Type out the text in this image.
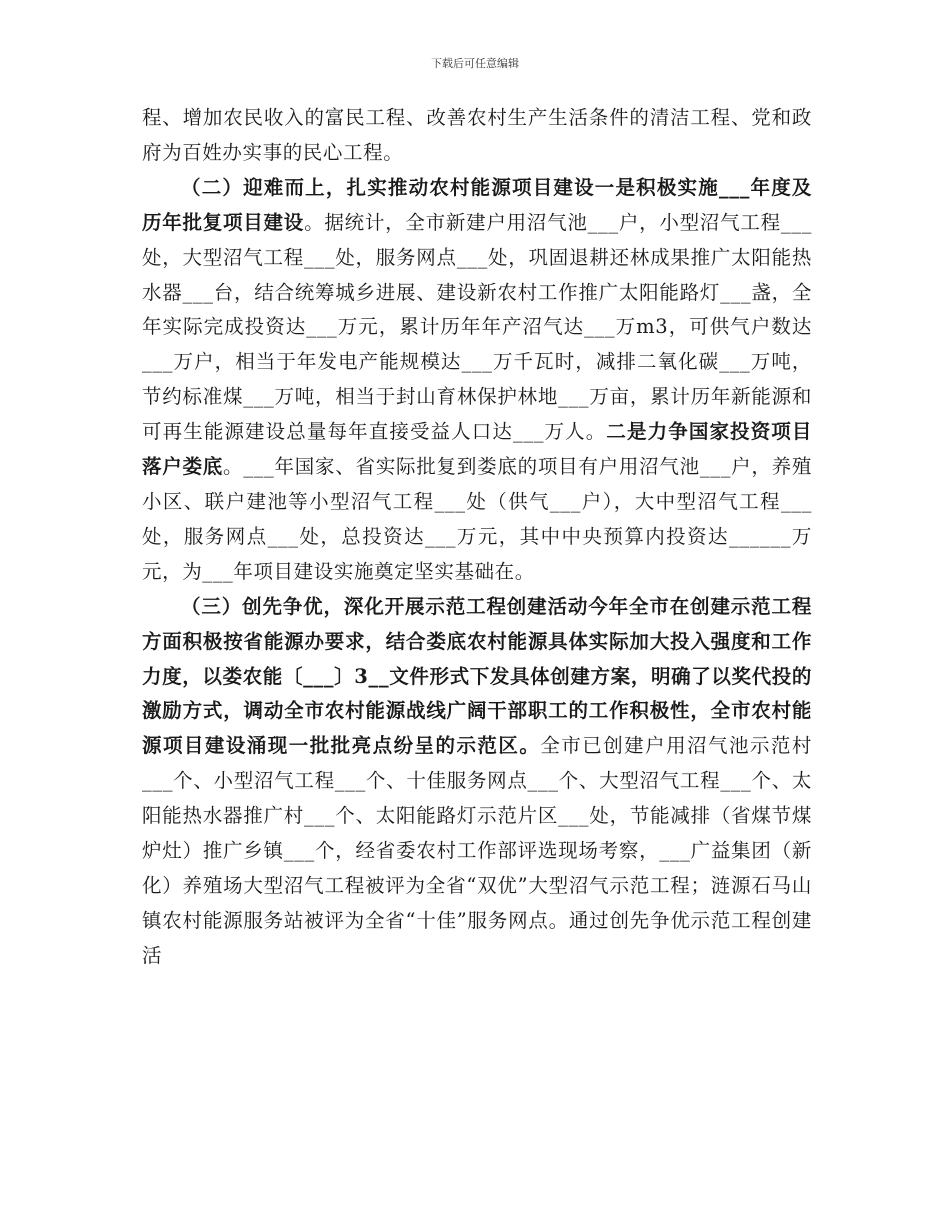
下载后可任意编辑

程、增加农民收入的富民工程、改善农村生产生活条件的清洁工程、党和政府为百姓办实事的民心工程。

（二）迎难而上，扎实推动农村能源项目建设一是积极实施___年度及历年批复项目建设。据统计，全市新建户用沼气池___户，小型沼气工程___处，大型沼气工程___处，服务网点___处，巩固退耕还林成果推广太阳能热水器___台，结合统筹城乡进展、建设新农村工作推广太阳能路灯___盏，全年实际完成投资达___万元，累计历年年产沼气达___万m3，可供气户数达___万户，相当于年发电产能规模达___万千瓦时，减排二氧化碳___万吨，节约标准煤___万吨，相当于封山育林保护林地___万亩，累计历年新能源和可再生能源建设总量每年直接受益人口达___万人。二是力争国家投资项目落户娄底。___年国家、省实际批复到娄底的项目有户用沼气池___户，养殖小区、联户建池等小型沼气工程___处（供气___户），大中型沼气工程___处，服务网点___处，总投资达___万元，其中中央预算内投资达______万元，为___年项目建设实施奠定坚实基础在。

（三）创先争优，深化开展示范工程创建活动今年全市在创建示范工程方面积极按省能源办要求，结合娄底农村能源具体实际加大投入强度和工作力度，以娄农能〔___〕3__文件形式下发具体创建方案，明确了以奖代投的激励方式，调动全市农村能源战线广阔干部职工的工作积极性，全市农村能源项目建设涌现一批批亮点纷呈的示范区。全市已创建户用沼气池示范村___个、小型沼气工程___个、十佳服务网点___个、大型沼气工程___个、太阳能热水器推广村___个、太阳能路灯示范片区___处，节能减排（省煤节煤炉灶）推广乡镇___个，经省委农村工作部评选现场考察，___广益集团（新化）养殖场大型沼气工程被评为全省“双优”大型沼气示范工程；涟源石马山镇农村能源服务站被评为全省“十佳”服务网点。通过创先争优示范工程创建活
